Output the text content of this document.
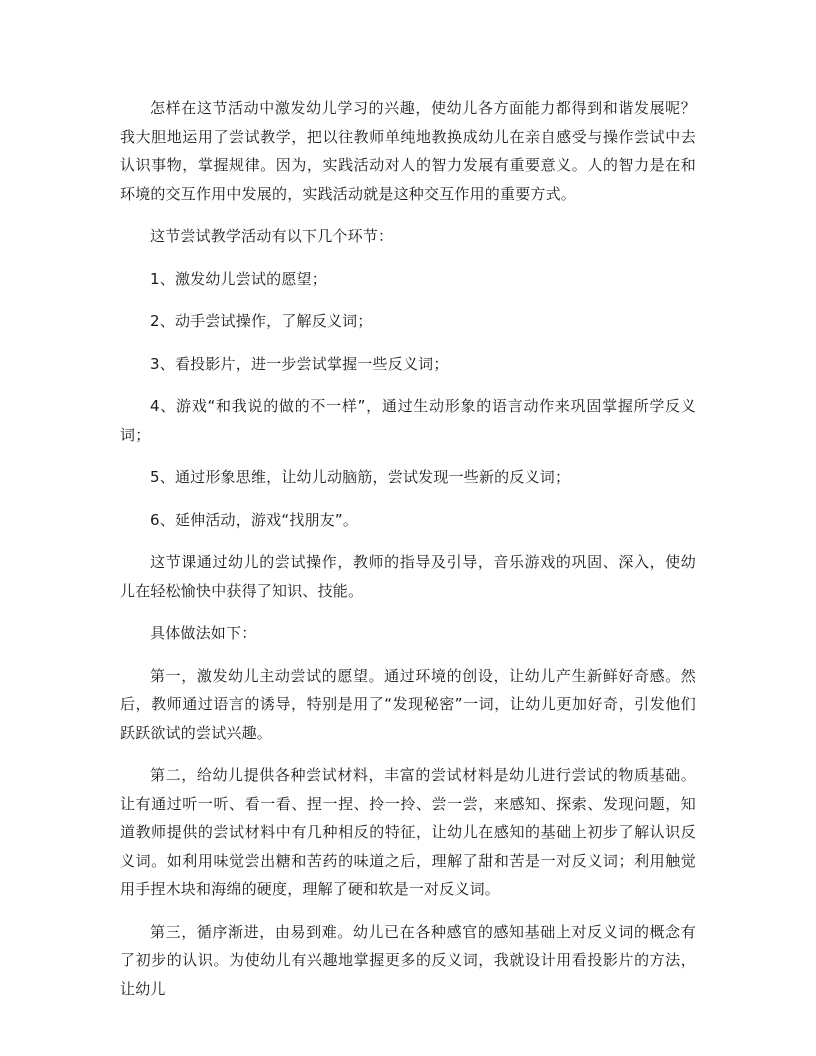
怎样在这节活动中激发幼儿学习的兴趣，使幼儿各方面能力都得到和谐发展呢？我大胆地运用了尝试教学，把以往教师单纯地教换成幼儿在亲自感受与操作尝试中去认识事物，掌握规律。因为，实践活动对人的智力发展有重要意义。人的智力是在和环境的交互作用中发展的，实践活动就是这种交互作用的重要方式。

这节尝试教学活动有以下几个环节：

1、激发幼儿尝试的愿望；

2、动手尝试操作，了解反义词；

3、看投影片，进一步尝试掌握一些反义词；

4、游戏“和我说的做的不一样”，通过生动形象的语言动作来巩固掌握所学反义词；

5、通过形象思维，让幼儿动脑筋，尝试发现一些新的反义词；

6、延伸活动，游戏“找朋友”。

这节课通过幼儿的尝试操作，教师的指导及引导，音乐游戏的巩固、深入，使幼儿在轻松愉快中获得了知识、技能。

具体做法如下：

第一，激发幼儿主动尝试的愿望。通过环境的创设，让幼儿产生新鲜好奇感。然后，教师通过语言的诱导，特别是用了“发现秘密”一词，让幼儿更加好奇，引发他们跃跃欲试的尝试兴趣。

第二，给幼儿提供各种尝试材料，丰富的尝试材料是幼儿进行尝试的物质基础。让有通过听一听、看一看、捏一捏、拎一拎、尝一尝，来感知、探索、发现问题，知道教师提供的尝试材料中有几种相反的特征，让幼儿在感知的基础上初步了解认识反义词。如利用味觉尝出糖和苦药的味道之后，理解了甜和苦是一对反义词；利用触觉用手捏木块和海绵的硬度，理解了硬和软是一对反义词。

第三，循序渐进，由易到难。幼儿已在各种感官的感知基础上对反义词的概念有了初步的认识。为使幼儿有兴趣地掌握更多的反义词，我就设计用看投影片的方法，让幼儿
